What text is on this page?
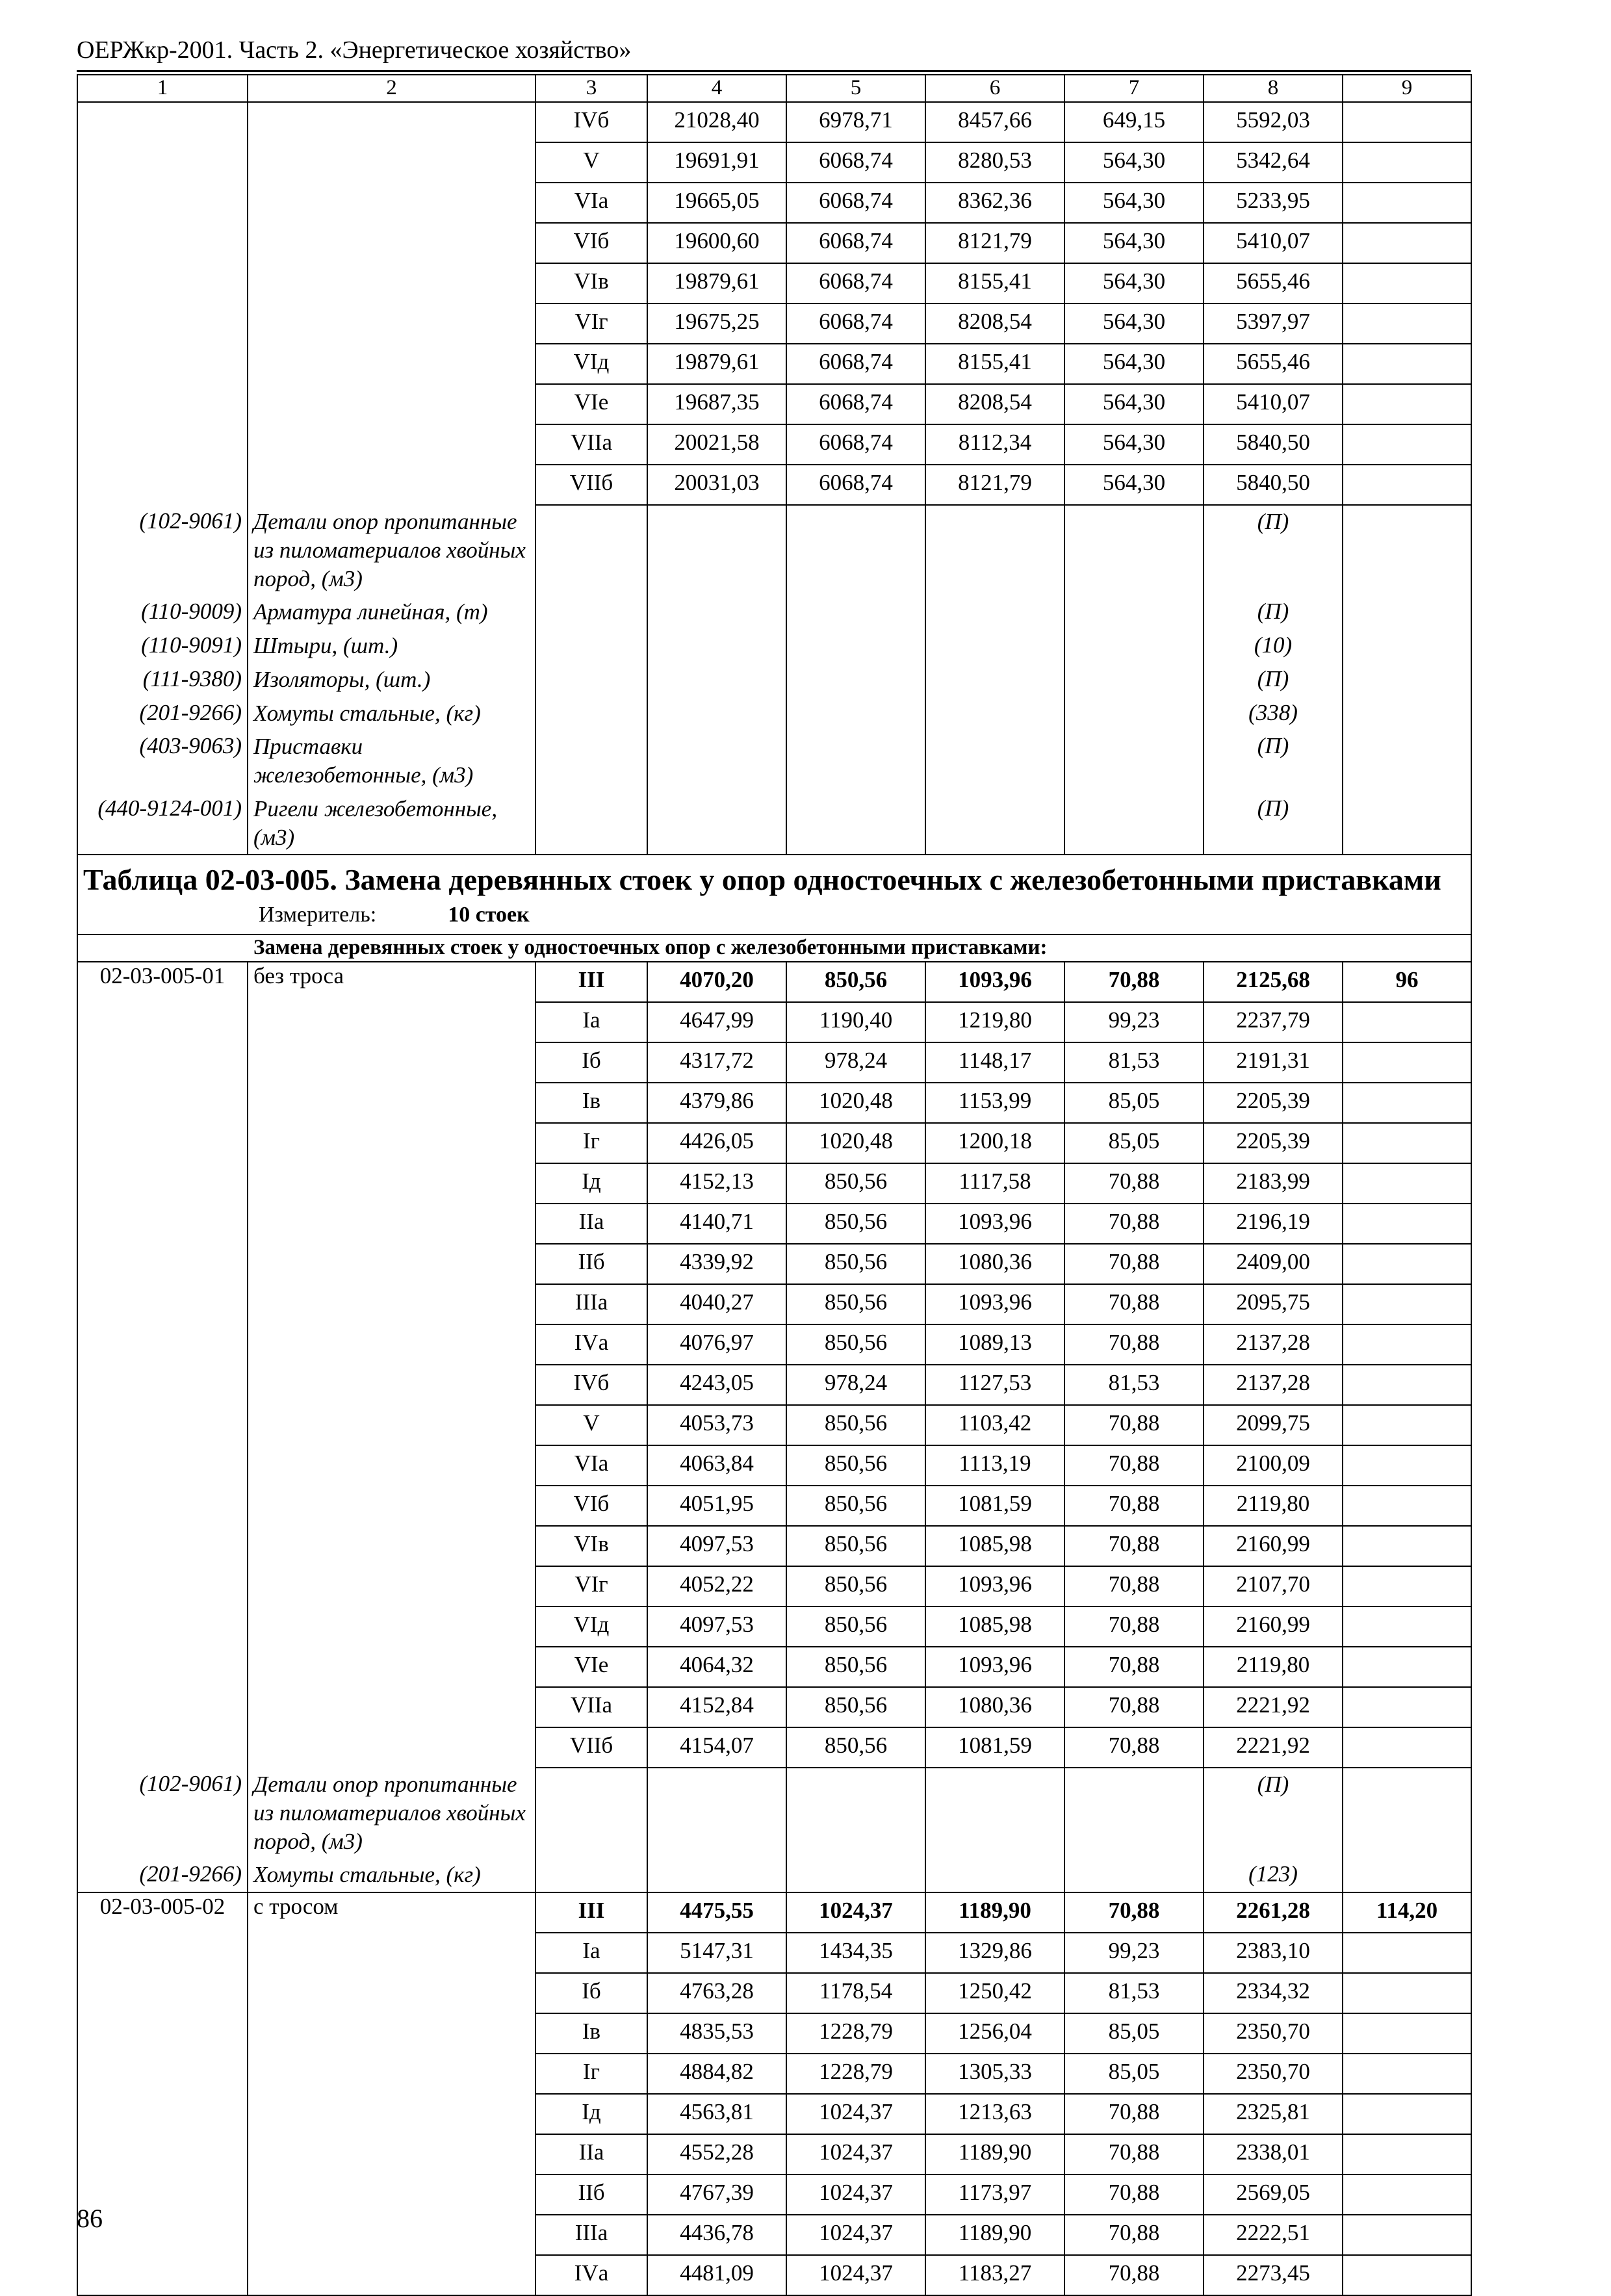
ОЕРЖкр-2001. Часть 2. «Энергетическое хозяйство»
1	2	3	4	5	6	7	8	9
		IVб	21028,40	6978,71	8457,66	649,15	5592,03	
		V	19691,91	6068,74	8280,53	564,30	5342,64	
		VIа	19665,05	6068,74	8362,36	564,30	5233,95	
		VIб	19600,60	6068,74	8121,79	564,30	5410,07	
		VIв	19879,61	6068,74	8155,41	564,30	5655,46	
		VIг	19675,25	6068,74	8208,54	564,30	5397,97	
		VIд	19879,61	6068,74	8155,41	564,30	5655,46	
		VIе	19687,35	6068,74	8208,54	564,30	5410,07	
		VIIа	20021,58	6068,74	8112,34	564,30	5840,50	
		VIIб	20031,03	6068,74	8121,79	564,30	5840,50	
(102-9061)	Детали опор пропитанные из пиломатериалов хвойных пород, (м3)						(П)	
(110-9009)	Арматура линейная, (т)						(П)	
(110-9091)	Штыри, (шт.)						(10)	
(111-9380)	Изоляторы, (шт.)						(П)	
(201-9266)	Хомуты стальные, (кг)						(338)	
(403-9063)	Приставки железобетонные, (м3)						(П)	
(440-9124-001)	Ригели железобетонные, (м3)						(П)	

Таблица 02-03-005. Замена деревянных стоек у опор одностоечных с железобетонными приставками
Измеритель: 10 стоек								

Замена деревянных стоек у одностоечных опор с железобетонными приставками:								
02-03-005-01	без троса	III	4070,20	850,56	1093,96	70,88	2125,68	96
		Iа	4647,99	1190,40	1219,80	99,23	2237,79	
		Iб	4317,72	978,24	1148,17	81,53	2191,31	
		Iв	4379,86	1020,48	1153,99	85,05	2205,39	
		Iг	4426,05	1020,48	1200,18	85,05	2205,39	
		Iд	4152,13	850,56	1117,58	70,88	2183,99	
		IIа	4140,71	850,56	1093,96	70,88	2196,19	
		IIб	4339,92	850,56	1080,36	70,88	2409,00	
		IIIа	4040,27	850,56	1093,96	70,88	2095,75	
		IVа	4076,97	850,56	1089,13	70,88	2137,28	
		IVб	4243,05	978,24	1127,53	81,53	2137,28	
		V	4053,73	850,56	1103,42	70,88	2099,75	
		VIа	4063,84	850,56	1113,19	70,88	2100,09	
		VIб	4051,95	850,56	1081,59	70,88	2119,80	
		VIв	4097,53	850,56	1085,98	70,88	2160,99	
		VIг	4052,22	850,56	1093,96	70,88	2107,70	
		VIд	4097,53	850,56	1085,98	70,88	2160,99	
		VIе	4064,32	850,56	1093,96	70,88	2119,80	
		VIIа	4152,84	850,56	1080,36	70,88	2221,92	
		VIIб	4154,07	850,56	1081,59	70,88	2221,92	
(102-9061)	Детали опор пропитанные из пиломатериалов хвойных пород, (м3)						(П)	
(201-9266)	Хомуты стальные, (кг)						(123)	
02-03-005-02	с тросом	III	4475,55	1024,37	1189,90	70,88	2261,28	114,20
		Iа	5147,31	1434,35	1329,86	99,23	2383,10	
		Iб	4763,28	1178,54	1250,42	81,53	2334,32	
		Iв	4835,53	1228,79	1256,04	85,05	2350,70	
		Iг	4884,82	1228,79	1305,33	85,05	2350,70	
		Iд	4563,81	1024,37	1213,63	70,88	2325,81	
		IIа	4552,28	1024,37	1189,90	70,88	2338,01	
		IIб	4767,39	1024,37	1173,97	70,88	2569,05	
		IIIа	4436,78	1024,37	1189,90	70,88	2222,51	
		IVа	4481,09	1024,37	1183,27	70,88	2273,45	
86
